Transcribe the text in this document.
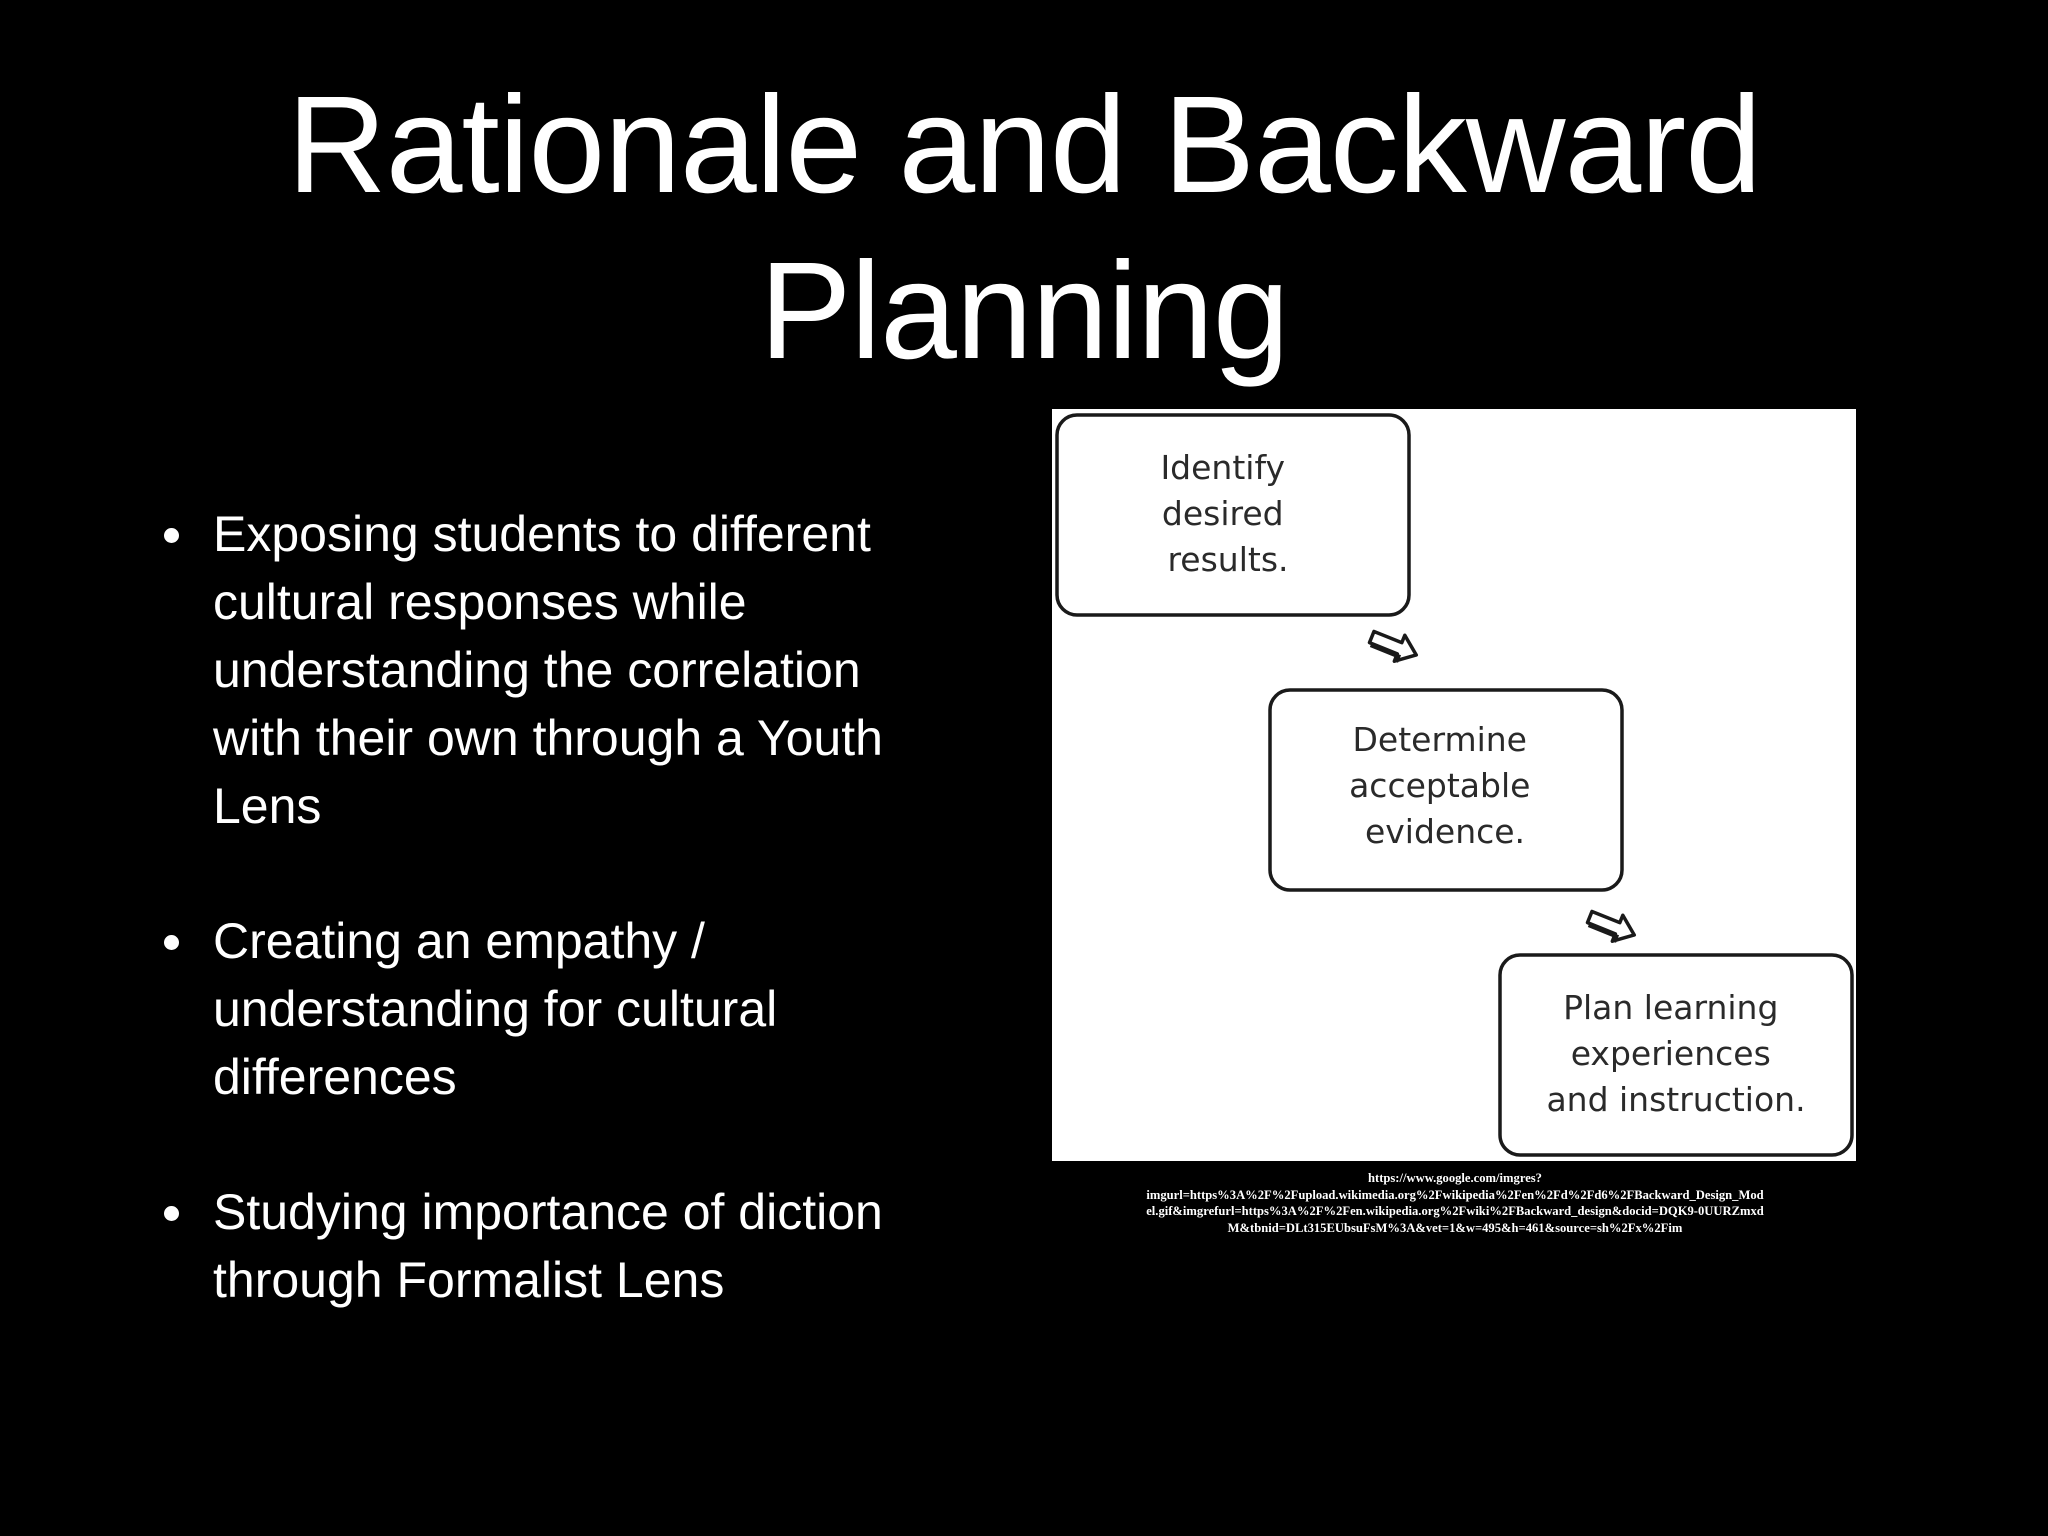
Rationale and Backward
Planning
Exposing students to different
cultural responses while
understanding the correlation
with their own through a Youth
Lens
Creating an empathy /
understanding for cultural
differences
Studying importance of diction
through Formalist Lens
Identify desired results.
Determine acceptable evidence.
Plan learning experiences and instruction.
https://www.google.com/imgres?
imgurl=https%3A%2F%2Fupload.wikimedia.org%2Fwikipedia%2Fen%2Fd%2Fd6%2FBackward_Design_Mod
el.gif&imgrefurl=https%3A%2F%2Fen.wikipedia.org%2Fwiki%2FBackward_design&docid=DQK9-0UURZmxd
M&tbnid=DLt315EUbsuFsM%3A&vet=1&w=495&h=461&source=sh%2Fx%2Fim
